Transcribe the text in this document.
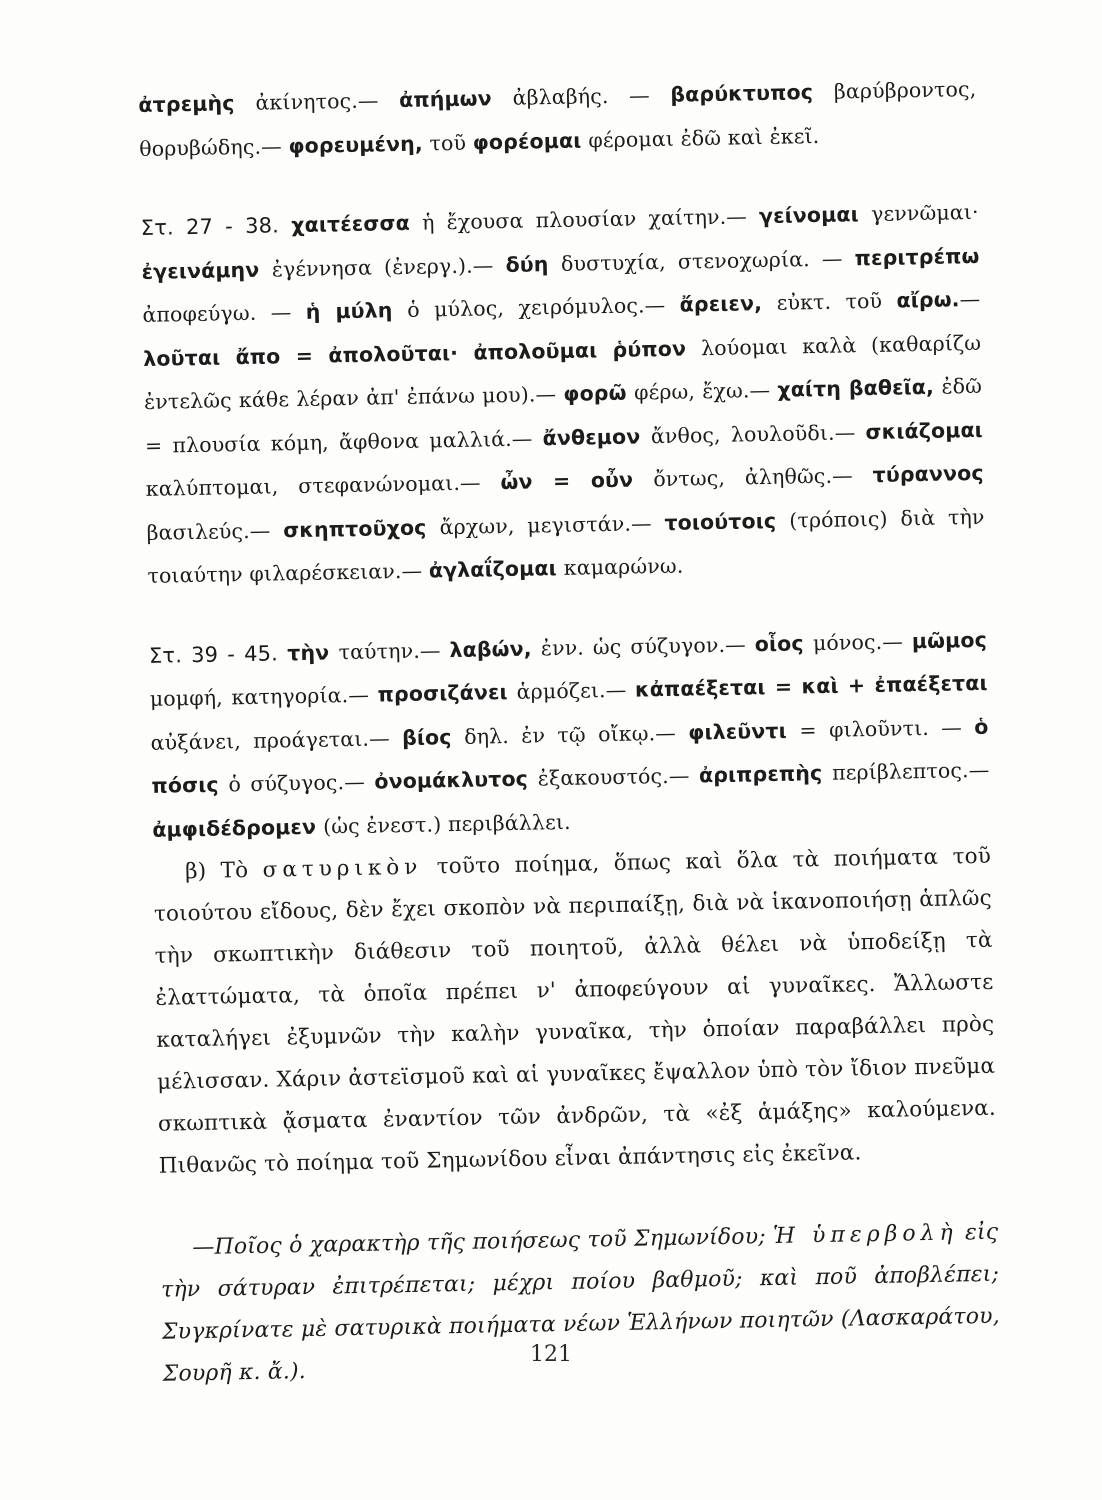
ἀτρεμὴς ἀκίνητος.— ἀπήμων ἀβλαβής. — βαρύκτυπος βαρύβροντος, θορυβώδης.— φορευμένη, τοῦ φορέομαι φέρομαι ἐδῶ καὶ ἐκεῖ.

Στ. 27 - 38. χαιτέεσσα ἡ ἔχουσα πλουσίαν χαίτην.— γείνομαι γεννῶμαι· ἐγεινάμην ἐγέννησα (ἐνεργ.).— δύη δυστυχία, στενοχωρία. — περιτρέπω ἀποφεύγω. — ἡ μύλη ὁ μύλος, χειρόμυλος.— ἄρειεν, εὐκτ. τοῦ αἴρω.— λοῦται ἄπο = ἀπολοῦται· ἀπολοῦμαι ῥύπον λούομαι καλὰ (καθαρίζω ἐντελῶς κάθε λέραν ἀπ' ἐπάνω μου).— φορῶ φέρω, ἔχω.— χαίτη βαθεῖα, ἐδῶ = πλουσία κόμη, ἄφθονα μαλλιά.— ἄνθεμον ἄνθος, λουλοῦδι.— σκιάζομαι καλύπτομαι, στεφανώνομαι.— ὦν = οὖν ὄντως, ἀληθῶς.— τύραννος βασιλεύς.— σκηπτοῦχος ἄρχων, μεγιστάν.— τοιούτοις (τρόποις) διὰ τὴν τοιαύτην φιλαρέσκειαν.— ἀγλαΐζομαι καμαρώνω.

Στ. 39 - 45. τὴν ταύτην.— λαβών, ἐνν. ὡς σύζυγον.— οἷος μόνος.— μῶμος μομφή, κατηγορία.— προσιζάνει ἁρμόζει.— κἀπαέξεται = καὶ + ἐπαέξεται αὐξάνει, προάγεται.— βίος δηλ. ἐν τῷ οἴκῳ.— φιλεῦντι = φιλοῦντι. — ὁ πόσις ὁ σύζυγος.— ὀνομάκλυτος ἐξακουστός.— ἀριπρεπὴς περίβλεπτος.— ἀμφιδέδρομεν (ὡς ἐνεστ.) περιβάλλει.

β) Τὸ σατυρικὸν τοῦτο ποίημα, ὅπως καὶ ὅλα τὰ ποιήματα τοῦ τοιούτου εἴδους, δὲν ἔχει σκοπὸν νὰ περιπαίξῃ, διὰ νὰ ἱκανοποιήσῃ ἁπλῶς τὴν σκωπτικὴν διάθεσιν τοῦ ποιητοῦ, ἀλλὰ θέλει νὰ ὑποδείξῃ τὰ ἐλαττώματα, τὰ ὁποῖα πρέπει ν' ἀποφεύγουν αἱ γυναῖκες. Ἄλλωστε καταλήγει ἐξυμνῶν τὴν καλὴν γυναῖκα, τὴν ὁποίαν παραβάλλει πρὸς μέλισσαν. Χάριν ἀστεϊσμοῦ καὶ αἱ γυναῖκες ἔψαλλον ὑπὸ τὸν ἴδιον πνεῦμα σκωπτικὰ ᾄσματα ἐναντίον τῶν ἀνδρῶν, τὰ «ἐξ ἁμάξης» καλούμενα. Πιθανῶς τὸ ποίημα τοῦ Σημωνίδου εἶναι ἀπάντησις εἰς ἐκεῖνα.

—Ποῖος ὁ χαρακτὴρ τῆς ποιήσεως τοῦ Σημωνίδου; Ἡ ὑπερβολὴ εἰς τὴν σάτυραν ἐπιτρέπεται; μέχρι ποίου βαθμοῦ; καὶ ποῦ ἀποβλέπει; Συγκρίνατε μὲ σατυρικὰ ποιήματα νέων Ἑλλήνων ποιητῶν (Λασκαράτου, Σουρῆ κ. ἄ.).

121
